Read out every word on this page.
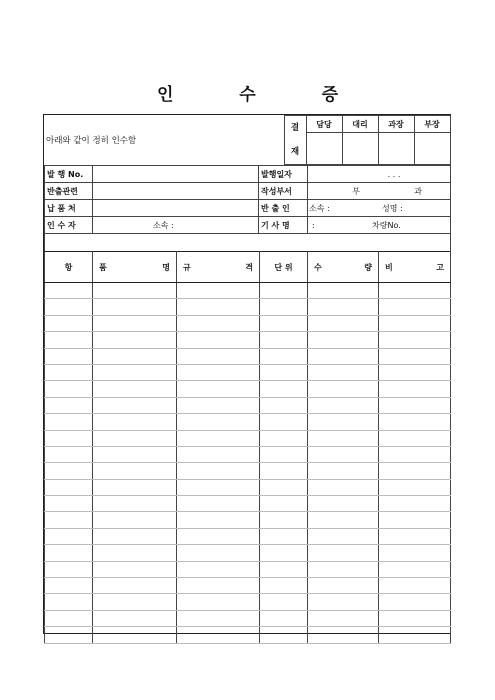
인 수 증
아래와 같이 정히 인수함	결
재	담당	대리	과장	부장

발 행 No.		발행일자	. . .

반출관련		작성부서	부 과
납 품 처		반 출 인	소속 : 성명 :
인 수 자	소속 :	기 사 명	: 차량No.

항	품 명	규 격	단 위	수 량	비 고
